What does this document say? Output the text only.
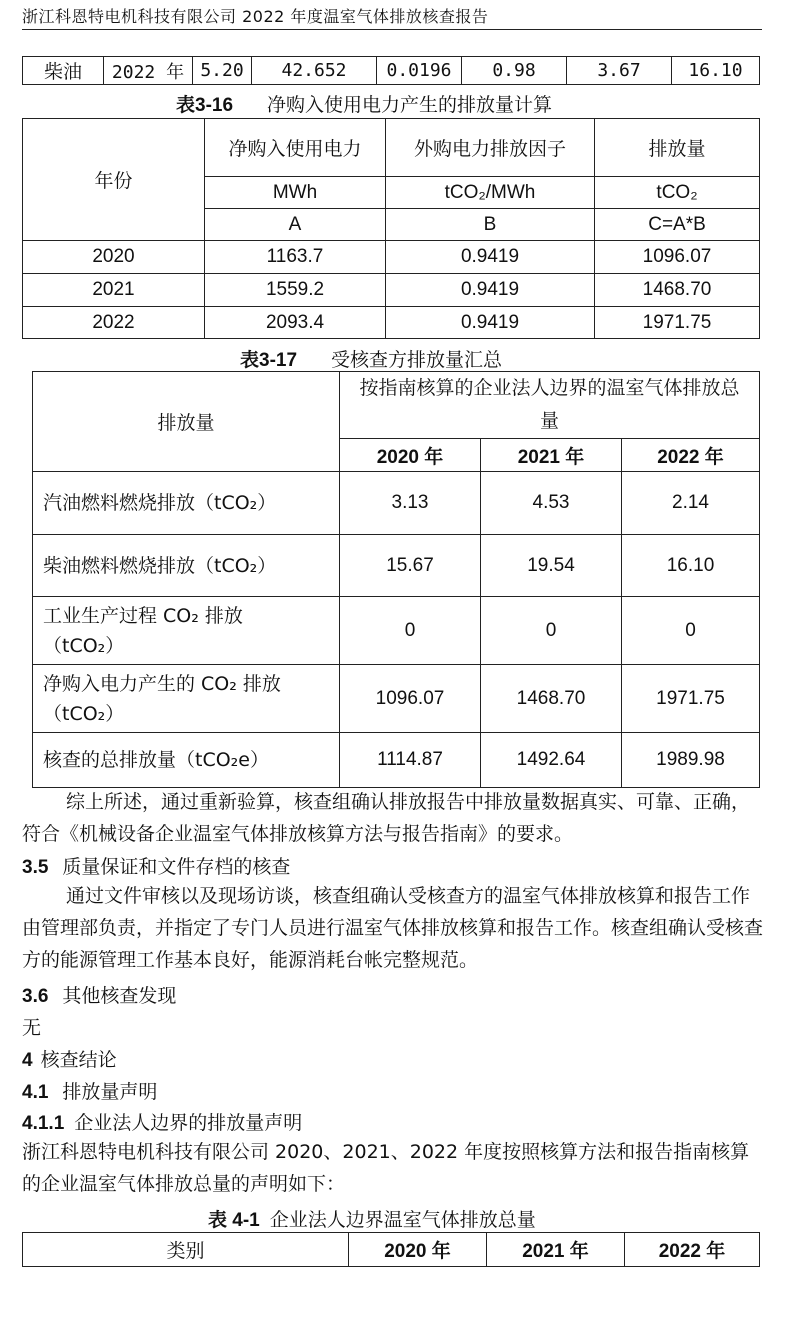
浙江科恩特电机科技有限公司 2022 年度温室气体排放核查报告
柴油	2022 年	5.20	42.652	0.0196	0.98	3.67	16.10
表3-16 净购入使用电力产生的排放量计算
年份	净购入使用电力	外购电力排放因子	排放量
	MWh	tCO₂/MWh	tCO₂
	A	B	C=A*B
2020	1163.7	0.9419	1096.07
2021	1559.2	0.9419	1468.70
2022	2093.4	0.9419	1971.75
表3-17 受核查方排放量汇总
排放量	按指南核算的企业法人边界的温室气体排放总量		
	2020 年	2021 年	2022 年
汽油燃料燃烧排放（tCO₂）	3.13	4.53	2.14
柴油燃料燃烧排放（tCO₂）	15.67	19.54	16.10
工业生产过程 CO₂ 排放（tCO₂）	0	0	0
净购入电力产生的 CO₂ 排放（tCO₂）	1096.07	1468.70	1971.75
核查的总排放量（tCO₂e）	1114.87	1492.64	1989.98
综上所述，通过重新验算，核查组确认排放报告中排放量数据真实、可靠、正确，符合《机械设备企业温室气体排放核算方法与报告指南》的要求。
3.5 质量保证和文件存档的核查
通过文件审核以及现场访谈，核查组确认受核查方的温室气体排放核算和报告工作由管理部负责，并指定了专门人员进行温室气体排放核算和报告工作。核查组确认受核查方的能源管理工作基本良好，能源消耗台帐完整规范。
3.6 其他核查发现
无
4 核查结论
4.1 排放量声明
4.1.1 企业法人边界的排放量声明
浙江科恩特电机科技有限公司 2020、2021、2022 年度按照核算方法和报告指南核算的企业温室气体排放总量的声明如下：
表 4-1 企业法人边界温室气体排放总量
类别	2020 年	2021 年	2022 年
